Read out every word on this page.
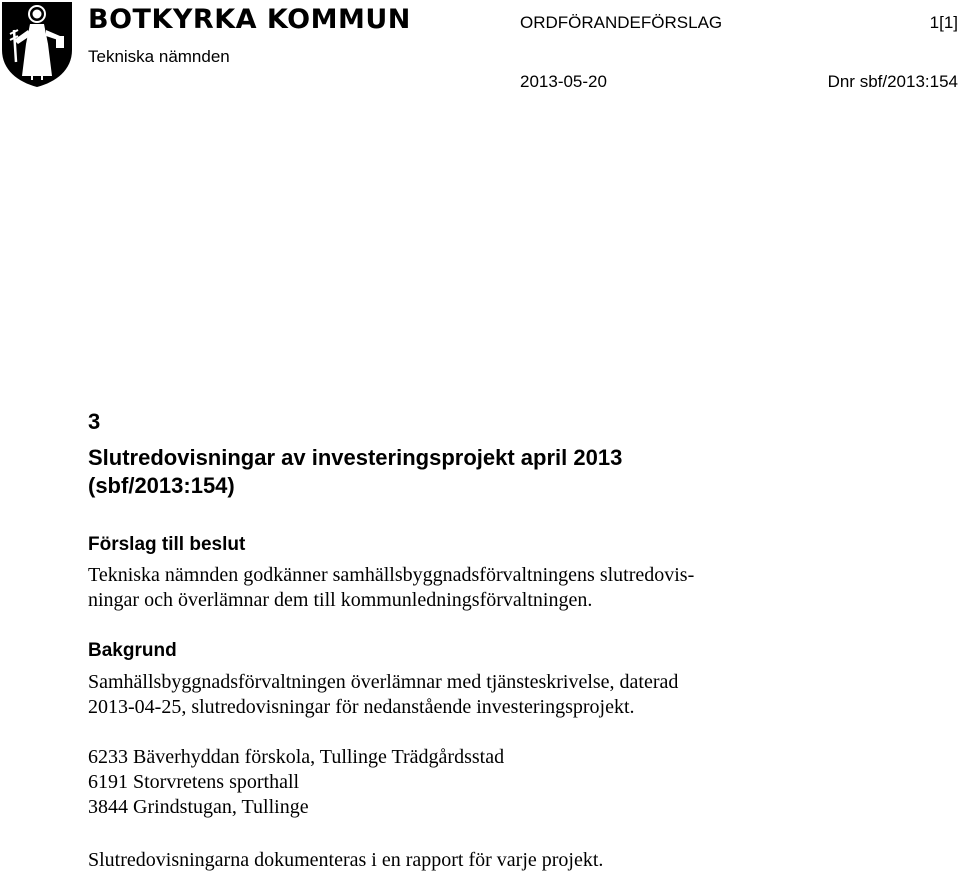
BOTKYRKA KOMMUN
Tekniska nämnden
ORDFÖRANDEFÖRSLAG	1[1]
2013-05-20	Dnr sbf/2013:154
3
Slutredovisningar av investeringsprojekt april 2013
(sbf/2013:154)
Förslag till beslut
Tekniska nämnden godkänner samhällsbyggnadsförvaltningens slutredovis-
ningar och överlämnar dem till kommunledningsförvaltningen.
Bakgrund
Samhällsbyggnadsförvaltningen överlämnar med tjänsteskrivelse, daterad
2013-04-25, slutredovisningar för nedanstående investeringsprojekt.
6233 Bäverhyddan förskola, Tullinge Trädgårdsstad
6191 Storvretens sporthall
3844 Grindstugan, Tullinge
Slutredovisningarna dokumenteras i en rapport för varje projekt.
